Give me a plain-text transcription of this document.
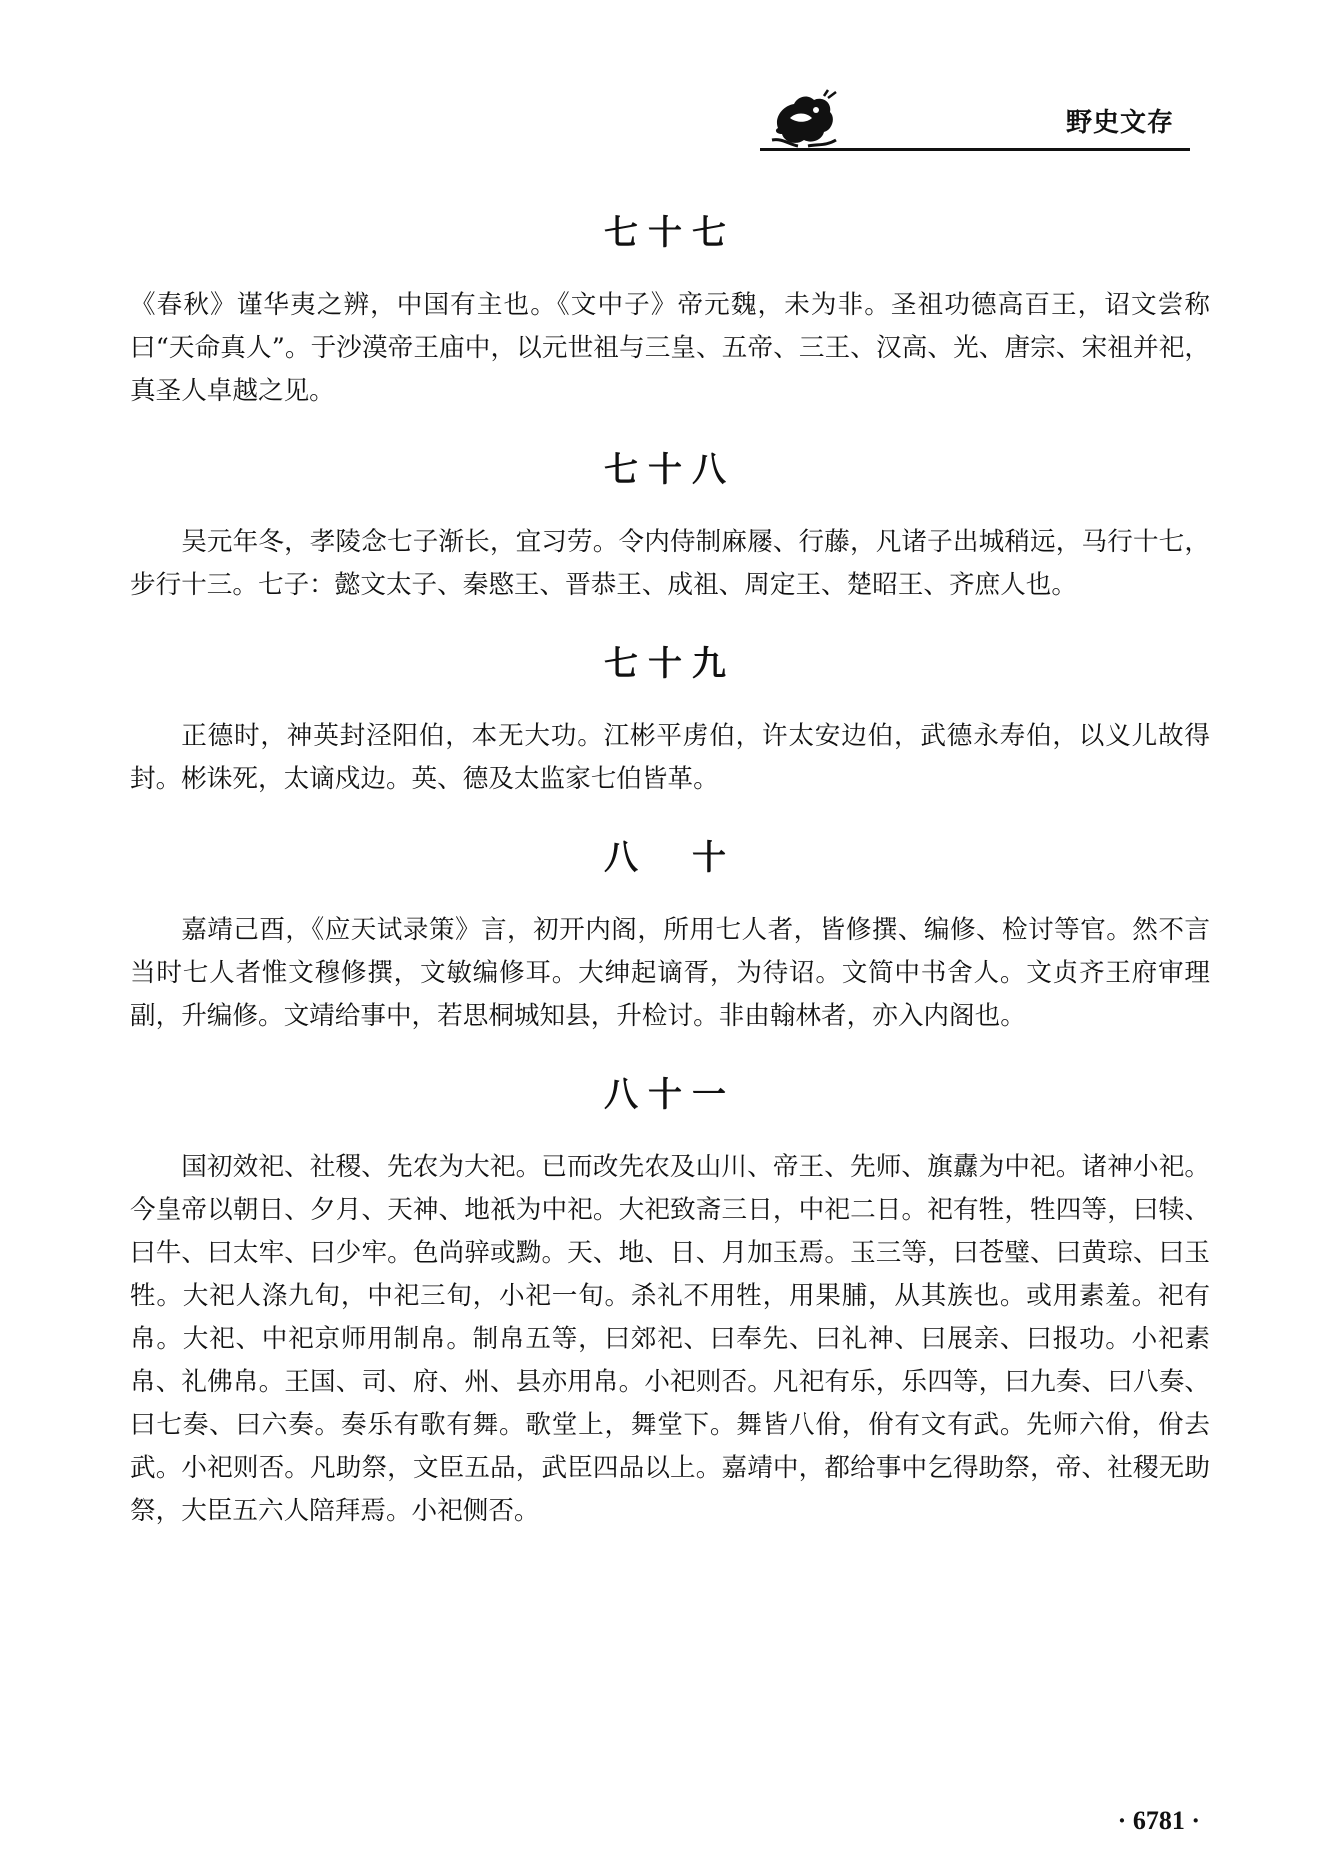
野史文存
七十七

《春秋》谨华夷之辨，中国有主也。《文中子》帝元魏，未为非。圣祖功德高百王，诏文尝称曰“天命真人”。于沙漠帝王庙中，以元世祖与三皇、五帝、三王、汉高、光、唐宗、宋祖并祀，真圣人卓越之见。

七十八

吴元年冬，孝陵念七子渐长，宜习劳。令内侍制麻屦、行藤，凡诸子出城稍远，马行十七，步行十三。七子：懿文太子、秦愍王、晋恭王、成祖、周定王、楚昭王、齐庶人也。

七十九

正德时，神英封泾阳伯，本无大功。江彬平虏伯，许太安边伯，武德永寿伯，以义儿故得封。彬诛死，太谪戍边。英、德及太监家七伯皆革。

八　十

嘉靖己酉，《应天试录策》言，初开内阁，所用七人者，皆修撰、编修、检讨等官。然不言当时七人者惟文穆修撰，文敏编修耳。大绅起谪胥，为待诏。文简中书舍人。文贞齐王府审理副，升编修。文靖给事中，若思桐城知县，升检讨。非由翰林者，亦入内阁也。

八十一

国初效祀、社稷、先农为大祀。已而改先农及山川、帝王、先师、旗纛为中祀。诸神小祀。今皇帝以朝日、夕月、天神、地祇为中祀。大祀致斋三日，中祀二日。祀有牲，牲四等，曰犊、曰牛、曰太牢、曰少牢。色尚骍或黝。天、地、日、月加玉焉。玉三等，曰苍璧、曰黄琮、曰玉牲。大祀人涤九旬，中祀三旬，小祀一旬。杀礼不用牲，用果脯，从其族也。或用素羞。祀有帛。大祀、中祀京师用制帛。制帛五等，曰郊祀、曰奉先、曰礼神、曰展亲、曰报功。小祀素帛、礼佛帛。王国、司、府、州、县亦用帛。小祀则否。凡祀有乐，乐四等，曰九奏、曰八奏、曰七奏、曰六奏。奏乐有歌有舞。歌堂上，舞堂下。舞皆八佾，佾有文有武。先师六佾，佾去武。小祀则否。凡助祭，文臣五品，武臣四品以上。嘉靖中，都给事中乞得助祭，帝、社稷无助祭，大臣五六人陪拜焉。小祀侧否。

· 6781 ·
